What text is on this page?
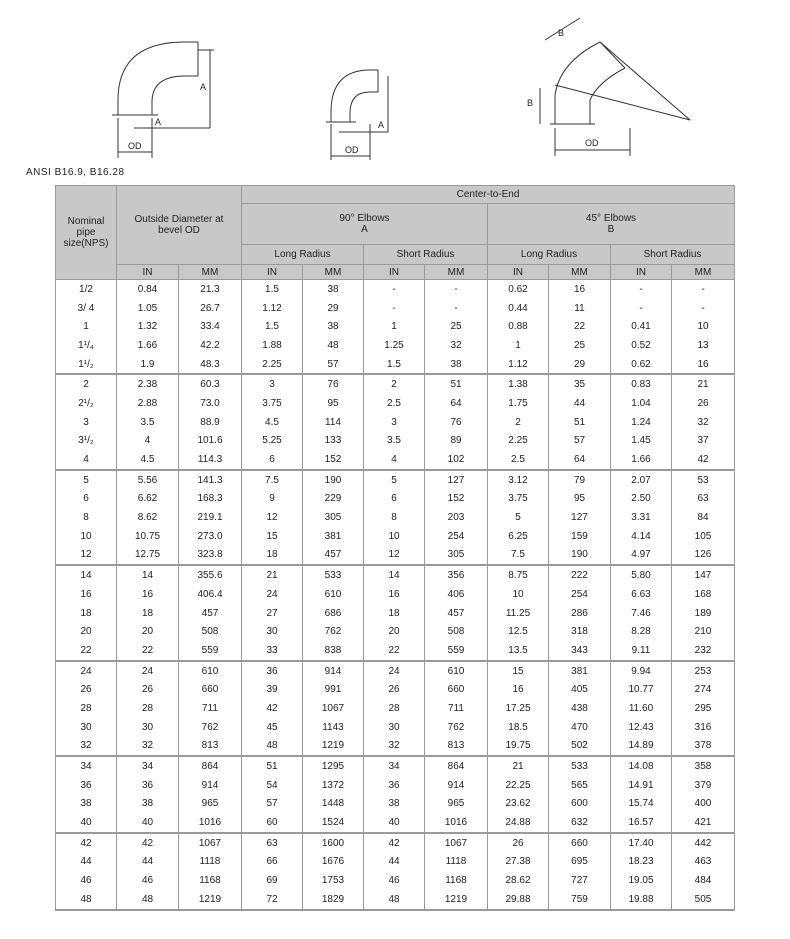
A
A
OD
A
OD
B
B
OD
ANSI B16.9, B16.28
Nominal pipe size(NPS)	Outside Diameter at bevel OD		Center-to-End							
			90° Elbows
A				45° Elbows
B			
			Long Radius		Short Radius		Long Radius		Short Radius	
	IN	MM	IN	MM	IN	MM	IN	MM	IN	MM
1/2	0.84	21.3	1.5	38	-	-	0.62	16	-	-
3/ 4	1.05	26.7	1.12	29	-	-	0.44	11	-	-
1	1.32	33.4	1.5	38	1	25	0.88	22	0.41	10
1¹/₄	1.66	42.2	1.88	48	1.25	32	1	25	0.52	13
1¹/₂	1.9	48.3	2.25	57	1.5	38	1.12	29	0.62	16
2	2.38	60.3	3	76	2	51	1.38	35	0.83	21
2¹/₂	2.88	73.0	3.75	95	2.5	64	1.75	44	1.04	26
3	3.5	88.9	4.5	114	3	76	2	51	1.24	32
3¹/₂	4	101.6	5.25	133	3.5	89	2.25	57	1.45	37
4	4.5	114.3	6	152	4	102	2.5	64	1.66	42
5	5.56	141.3	7.5	190	5	127	3.12	79	2.07	53
6	6.62	168.3	9	229	6	152	3.75	95	2.50	63
8	8.62	219.1	12	305	8	203	5	127	3.31	84
10	10.75	273.0	15	381	10	254	6.25	159	4.14	105
12	12.75	323.8	18	457	12	305	7.5	190	4.97	126
14	14	355.6	21	533	14	356	8.75	222	5.80	147
16	16	406.4	24	610	16	406	10	254	6.63	168
18	18	457	27	686	18	457	11.25	286	7.46	189
20	20	508	30	762	20	508	12.5	318	8.28	210
22	22	559	33	838	22	559	13.5	343	9.11	232
24	24	610	36	914	24	610	15	381	9.94	253
26	26	660	39	991	26	660	16	405	10.77	274
28	28	711	42	1067	28	711	17.25	438	11.60	295
30	30	762	45	1143	30	762	18.5	470	12.43	316
32	32	813	48	1219	32	813	19.75	502	14.89	378
34	34	864	51	1295	34	864	21	533	14.08	358
36	36	914	54	1372	36	914	22.25	565	14.91	379
38	38	965	57	1448	38	965	23.62	600	15.74	400
40	40	1016	60	1524	40	1016	24.88	632	16.57	421
42	42	1067	63	1600	42	1067	26	660	17.40	442
44	44	1118	66	1676	44	1118	27.38	695	18.23	463
46	46	1168	69	1753	46	1168	28.62	727	19.05	484
48	48	1219	72	1829	48	1219	29.88	759	19.88	505
